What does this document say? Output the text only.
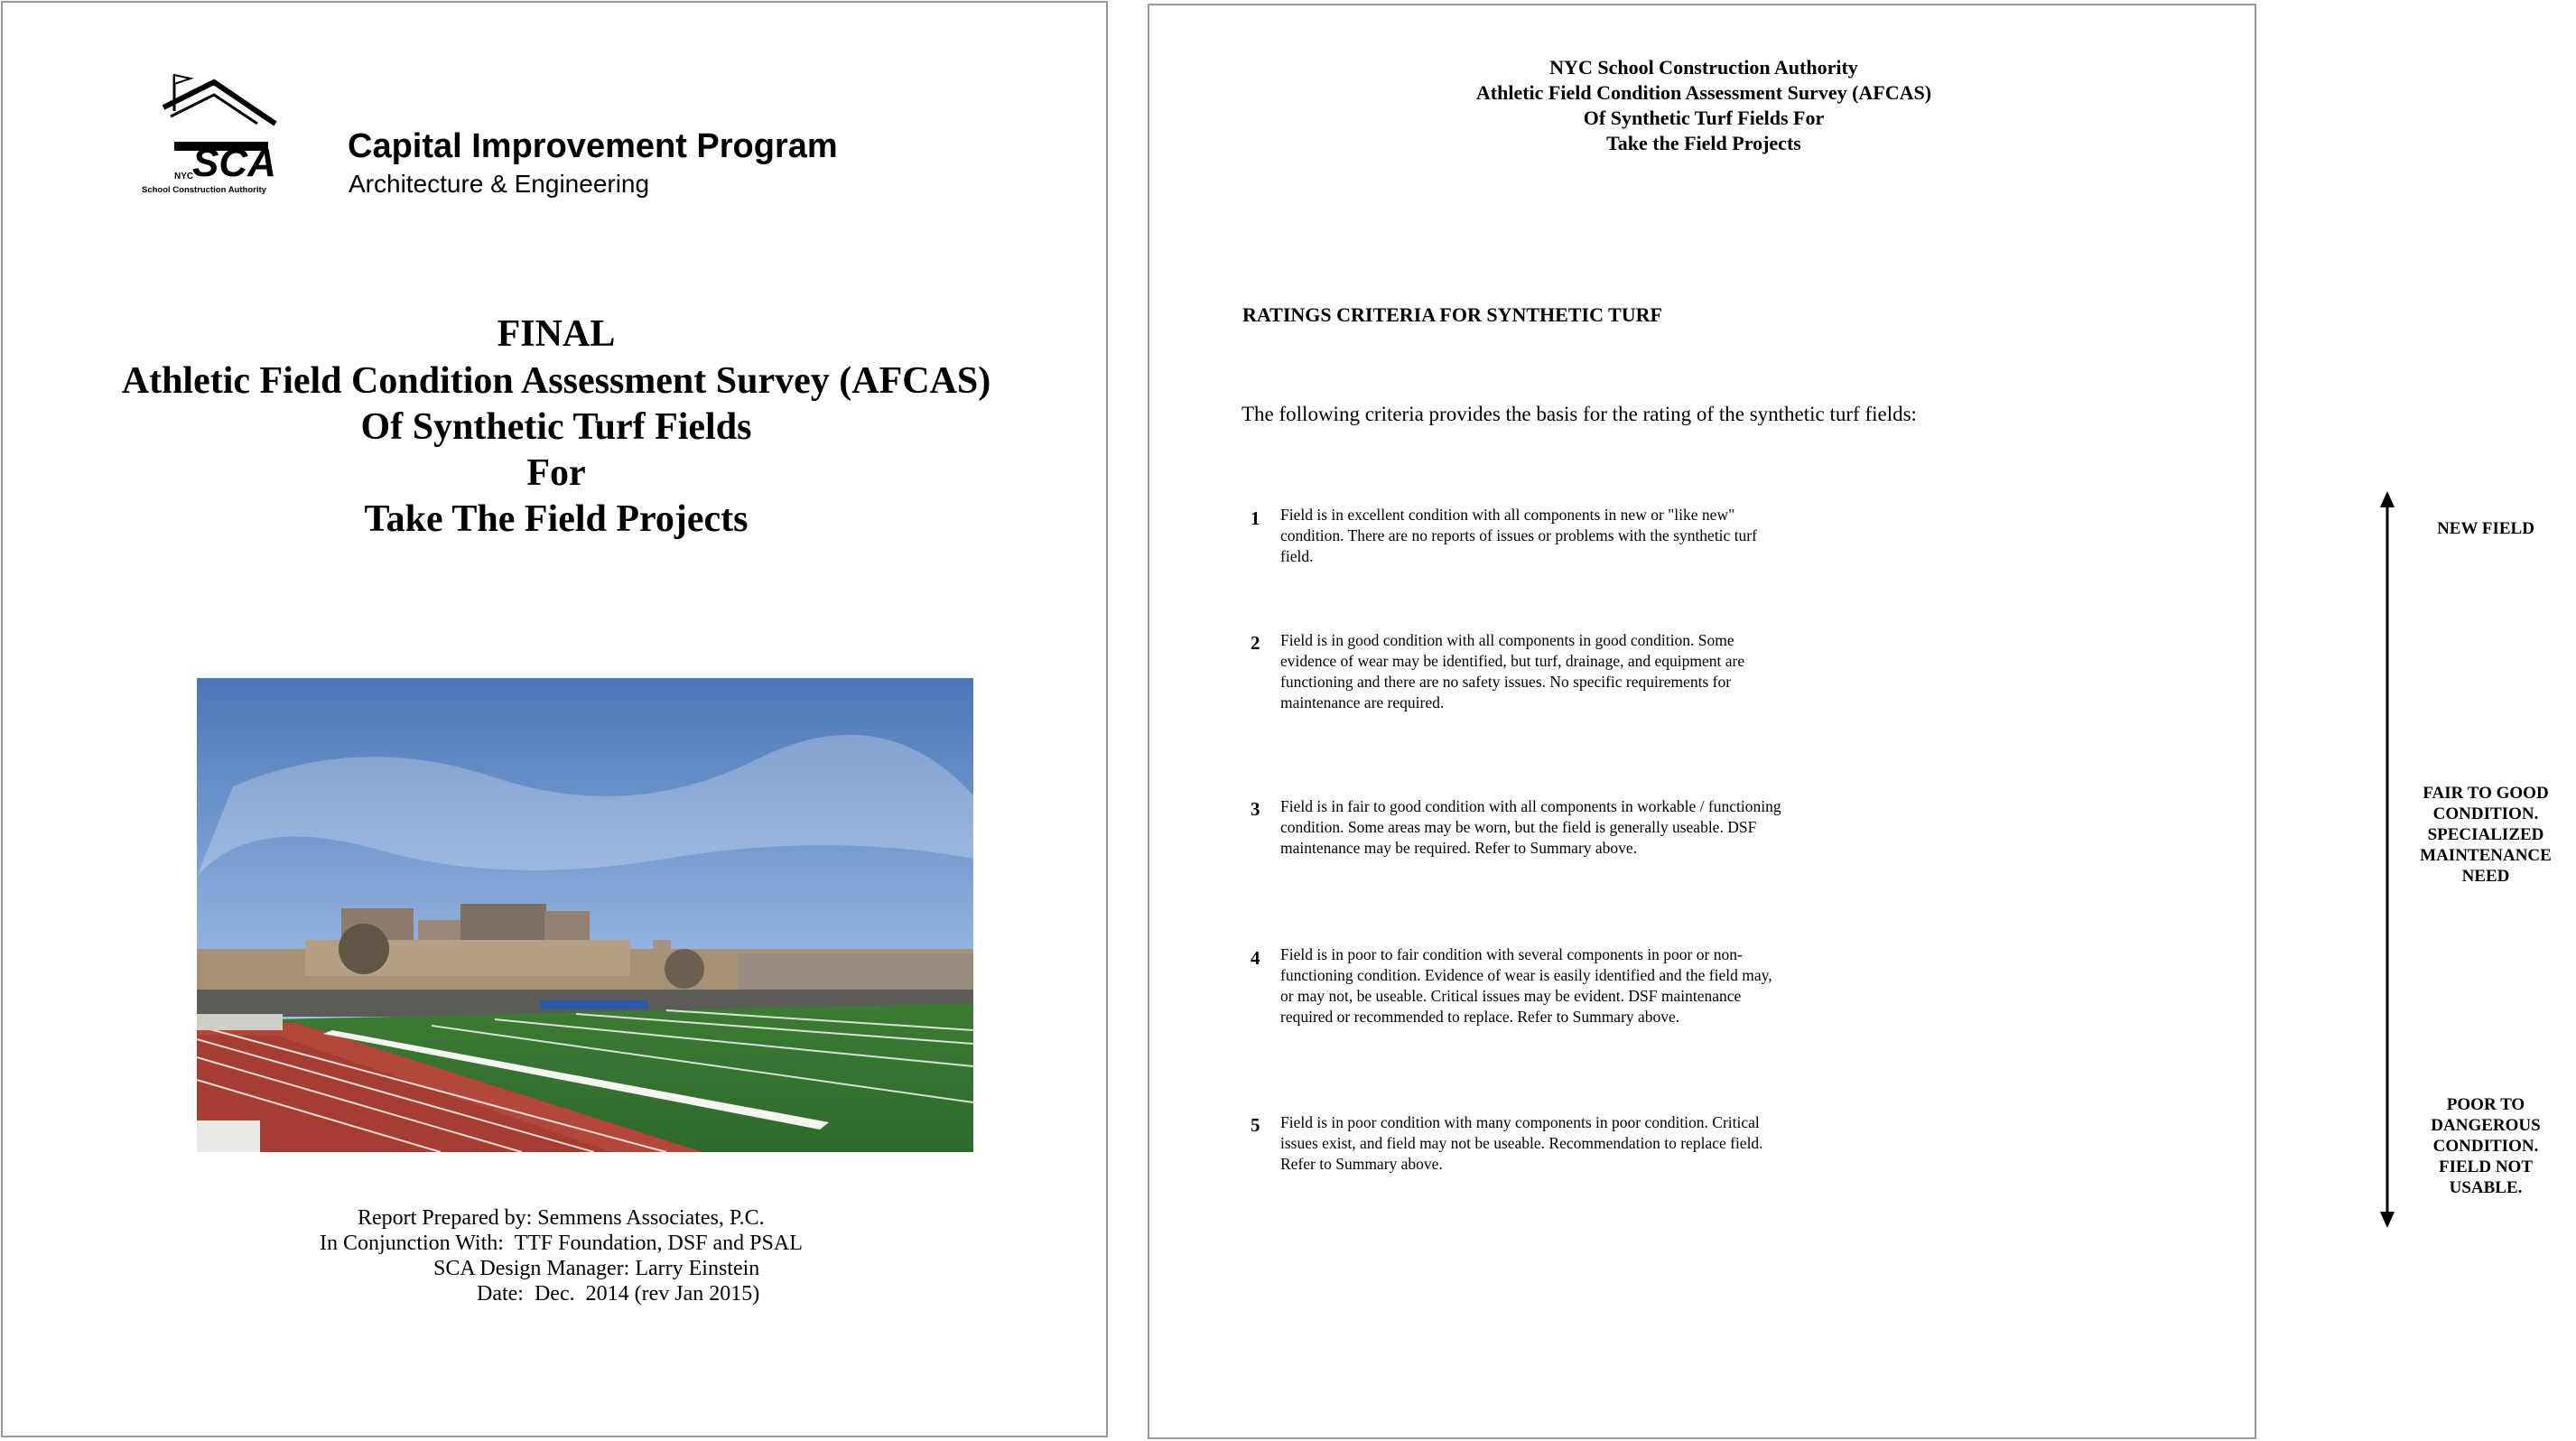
SCA
NYC
School Construction Authority
Capital Improvement Program
Architecture & Engineering
FINAL
Athletic Field Condition Assessment Survey (AFCAS)
Of Synthetic Turf Fields
For
Take The Field Projects
Report Prepared by: Semmens Associates, P.C.
In Conjunction With:  TTF Foundation, DSF and PSAL
SCA Design Manager: Larry Einstein
Date:  Dec.  2014 (rev Jan 2015)
NYC School Construction Authority
Athletic Field Condition Assessment Survey (AFCAS)
Of Synthetic Turf Fields For
Take the Field Projects
RATINGS CRITERIA FOR SYNTHETIC TURF
The following criteria provides the basis for the rating of the synthetic turf fields:
1 Field is in excellent condition with all components in new or "like new"
condition. There are no reports of issues or problems with the synthetic turf
field.
2 Field is in good condition with all components in good condition. Some
evidence of wear may be identified, but turf, drainage, and equipment are
functioning and there are no safety issues. No specific requirements for
maintenance are required.
3 Field is in fair to good condition with all components in workable / functioning
condition. Some areas may be worn, but the field is generally useable. DSF
maintenance may be required. Refer to Summary above.
4 Field is in poor to fair condition with several components in poor or non-
functioning condition. Evidence of wear is easily identified and the field may,
or may not, be useable. Critical issues may be evident. DSF maintenance
required or recommended to replace. Refer to Summary above.
5 Field is in poor condition with many components in poor condition. Critical
issues exist, and field may not be useable. Recommendation to replace field.
Refer to Summary above.
NEW FIELD
FAIR TO GOOD
CONDITION.
SPECIALIZED
MAINTENANCE
NEED
POOR TO
DANGEROUS
CONDITION.
FIELD NOT
USABLE.
